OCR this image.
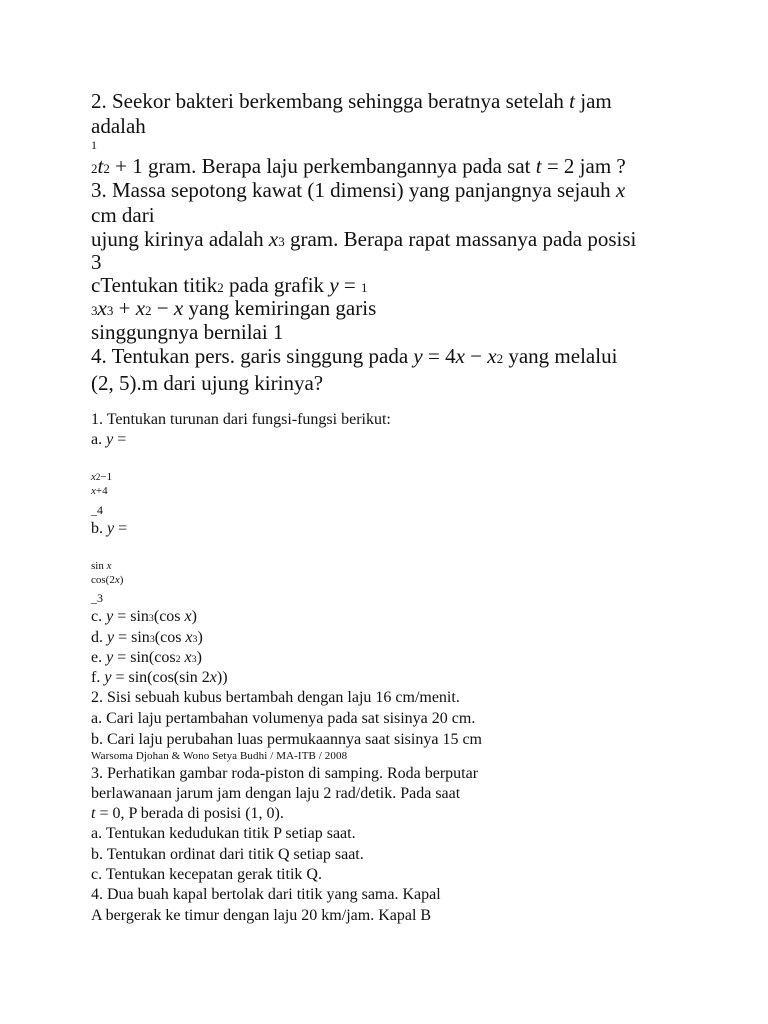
2. Seekor bakteri berkembang sehingga beratnya setelah t jam
adalah
1
2t2 + 1 gram. Berapa laju perkembangannya pada sat t = 2 jam ?
3. Massa sepotong kawat (1 dimensi) yang panjangnya sejauh x
cm dari
ujung kirinya adalah x3 gram. Berapa rapat massanya pada posisi
3
cTentukan titik2 pada grafik y = 1
3x3 + x2 − x yang kemiringan garis
singgungnya bernilai 1
4. Tentukan pers. garis singgung pada y = 4x − x2 yang melalui
(2, 5).m dari ujung kirinya?
1. Tentukan turunan dari fungsi-fungsi berikut:
a. y =
x2−1
x+4
_4
b. y =
sin x
cos(2x)
_3
c. y = sin3(cos x)
d. y = sin3(cos x3)
e. y = sin(cos2 x3)
f. y = sin(cos(sin 2x))
2. Sisi sebuah kubus bertambah dengan laju 16 cm/menit.
a. Cari laju pertambahan volumenya pada sat sisinya 20 cm.
b. Cari laju perubahan luas permukaannya saat sisinya 15 cm
Warsoma Djohan & Wono Setya Budhi / MA-ITB / 2008
3. Perhatikan gambar roda-piston di samping. Roda berputar
berlawanaan jarum jam dengan laju 2 rad/detik. Pada saat
t = 0, P berada di posisi (1, 0).
a. Tentukan kedudukan titik P setiap saat.
b. Tentukan ordinat dari titik Q setiap saat.
c. Tentukan kecepatan gerak titik Q.
4. Dua buah kapal bertolak dari titik yang sama. Kapal
A bergerak ke timur dengan laju 20 km/jam. Kapal B
